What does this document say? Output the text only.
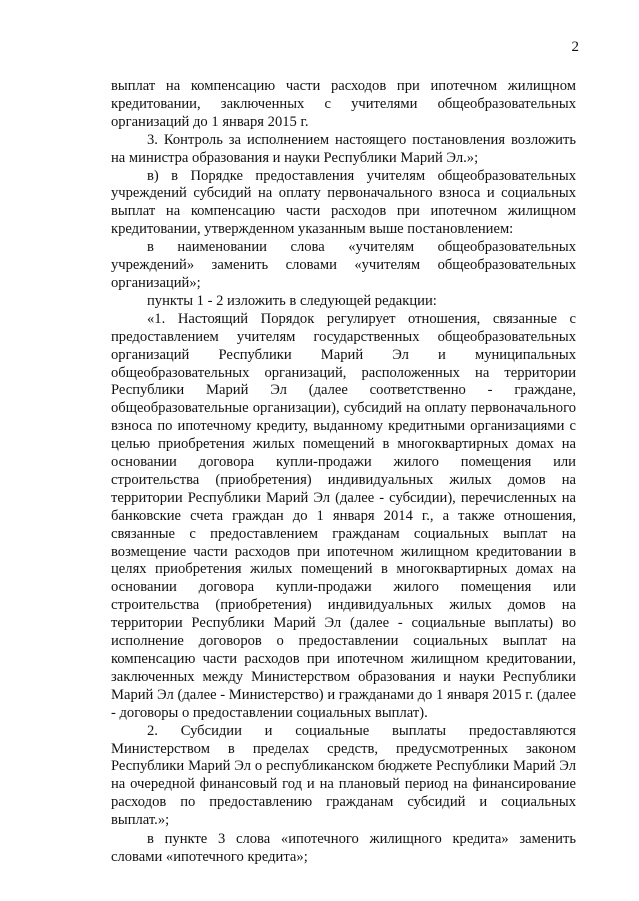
2

выплат на компенсацию части расходов при ипотечном жилищном кредитовании, заключенных с учителями общеобразовательных организаций до 1 января 2015 г.

3. Контроль за исполнением настоящего постановления возложить на министра образования и науки Республики Марий Эл.»;

в) в Порядке предоставления учителям общеобразовательных учреждений субсидий на оплату первоначального взноса и социальных выплат на компенсацию части расходов при ипотечном жилищном кредитовании, утвержденном указанным выше постановлением:

в наименовании слова «учителям общеобразовательных учреждений» заменить словами «учителям общеобразовательных организаций»;

пункты 1 - 2 изложить в следующей редакции:

«1. Настоящий Порядок регулирует отношения, связанные с предоставлением учителям государственных общеобразовательных организаций Республики Марий Эл и муниципальных общеобразовательных организаций, расположенных на территории Республики Марий Эл (далее соответственно - граждане, общеобразовательные организации), субсидий на оплату первоначального взноса по ипотечному кредиту, выданному кредитными организациями с целью приобретения жилых помещений в многоквартирных домах на основании договора купли-продажи жилого помещения или строительства (приобретения) индивидуальных жилых домов на территории Республики Марий Эл (далее - субсидии), перечисленных на банковские счета граждан до 1 января 2014 г., а также отношения, связанные с предоставлением гражданам социальных выплат на возмещение части расходов при ипотечном жилищном кредитовании в целях приобретения жилых помещений в многоквартирных домах на основании договора купли-продажи жилого помещения или строительства (приобретения) индивидуальных жилых домов на территории Республики Марий Эл (далее - социальные выплаты) во исполнение договоров о предоставлении социальных выплат на компенсацию части расходов при ипотечном жилищном кредитовании, заключенных между Министерством образования и науки Республики Марий Эл (далее - Министерство) и гражданами до 1 января 2015 г. (далее - договоры о предоставлении социальных выплат).

2. Субсидии и социальные выплаты предоставляются Министерством в пределах средств, предусмотренных законом Республики Марий Эл о республиканском бюджете Республики Марий Эл на очередной финансовый год и на плановый период на финансирование расходов по предоставлению гражданам субсидий и социальных выплат.»;

в пункте 3 слова «ипотечного жилищного кредита» заменить словами «ипотечного кредита»;
